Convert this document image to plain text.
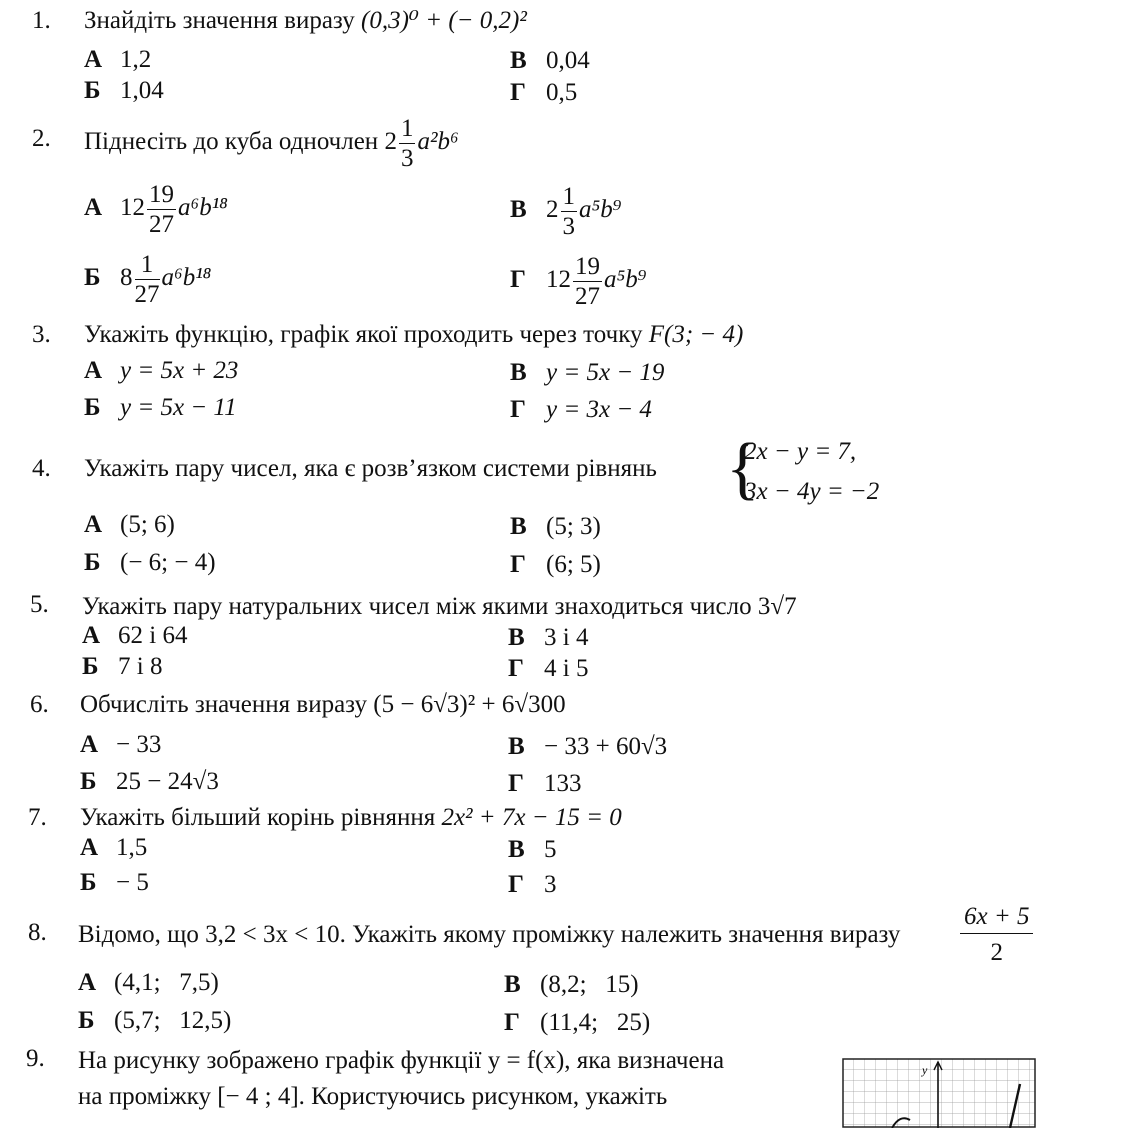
1. Знайдіть значення виразу (0,3)⁰ + (− 0,2)²
А 1,2
Б 1,04
В 0,04
Г 0,5
2. Піднесіть до куба одночлен $2 \frac{1}{3} a^2b^6$
А $12 \frac{19}{27} a^6b^{18}$
Б $8 \frac{1}{27} a^6b^{18}$
В $2 \frac{1}{3} a^5b^9$
Г $12 \frac{19}{27} a^5b^9$
3. Укажіть функцію, графік якої проходить через точку F(3; − 4)
А y = 5x + 23
Б y = 5x − 11
В y = 5x − 19
Г y = 3x − 4
4. Укажіть пару чисел, яка є розв’язком системи рівнянь {
2x − y = 7,
3x − 4y = −2
А (5; 6)
Б (− 6; − 4)
В (5; 3)
Г (6; 5)
5. Укажіть пару натуральних чисел між якими знаходиться число 3√7
А 62 і 64
Б 7 і 8
В 3 і 4
Г 4 і 5
6. Обчисліть значення виразу (5 − 6√3)² + 6√300
А − 33
Б 25 − 24√3
В − 33 + 60√3
Г 133
7. Укажіть більший корінь рівняння 2x² + 7x − 15 = 0
А 1,5
Б − 5
В 5
Г 3
8. Відомо, що 3,2 < 3x < 10. Укажіть якому проміжку належить значення виразу $\frac{6x + 5}{2}$
А (4,1;   7,5)
Б (5,7;   12,5)
В (8,2;   15)
Г (11,4;   25)
9. На рисунку зображено графік функції y = f(x), яка визначена
на проміжку [− 4 ; 4]. Користуючись рисунком, укажіть
y
